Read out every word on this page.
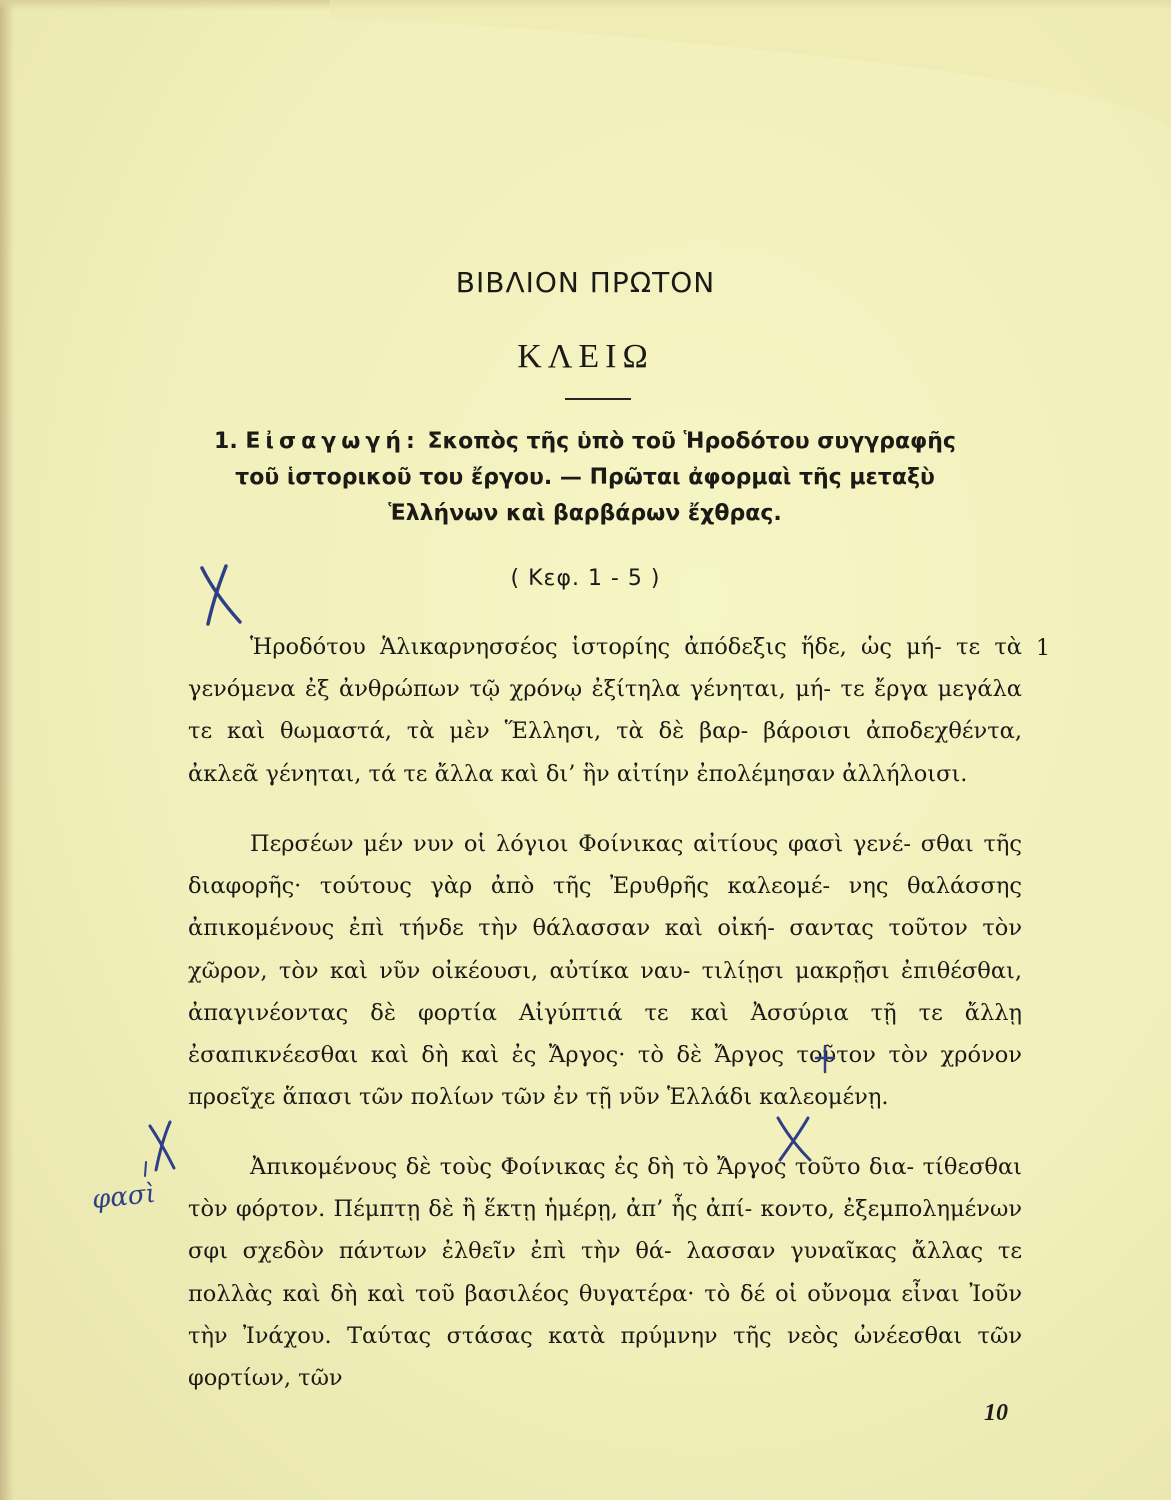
ΒΙΒΛΙΟΝ ΠΡΩΤΟΝ
ΚΛΕΙΩ
1. Εἰσαγωγή: Σκοπὸς τῆς ὑπὸ τοῦ Ἡροδότου συγγραφῆς
τοῦ ἱστορικοῦ του ἔργου. — Πρῶται ἀφορμαὶ τῆς μεταξὺ
Ἑλλήνων καὶ βαρβάρων ἔχθρας.
( Κεφ. 1 - 5 )
1

Ἡροδότου Ἁλικαρνησσέος ἱστορίης ἀπόδεξις ἥδε, ὡς μή- τε τὰ γενόμενα ἐξ ἀνθρώπων τῷ χρόνῳ ἐξίτηλα γένηται, μή- τε ἔργα μεγάλα τε καὶ θωμαστά, τὰ μὲν Ἕλλησι, τὰ δὲ βαρ- βάροισι ἀποδεχθέντα, ἀκλεᾶ γένηται, τά τε ἄλλα καὶ δι’ ἣν αἰτίην ἐπολέμησαν ἀλλήλοισι.

Περσέων μέν νυν οἱ λόγιοι Φοίνικας αἰτίους φασὶ γενέ- σθαι τῆς διαφορῆς· τούτους γὰρ ἀπὸ τῆς Ἐρυθρῆς καλεομέ- νης θαλάσσης ἀπικομένους ἐπὶ τήνδε τὴν θάλασσαν καὶ οἰκή- σαντας τοῦτον τὸν χῶρον, τὸν καὶ νῦν οἰκέουσι, αὐτίκα ναυ- τιλίῃσι μακρῇσι ἐπιθέσθαι, ἀπαγινέοντας δὲ φορτία Αἰγύπτιά τε καὶ Ἀσσύρια τῇ τε ἄλλῃ ἐσαπικνέεσθαι καὶ δὴ καὶ ἐς Ἄργος· τὸ δὲ Ἄργος τοῦτον τὸν χρόνον προεῖχε ἅπασι τῶν πολίων τῶν ἐν τῇ νῦν Ἑλλάδι καλεομένῃ.

Ἀπικομένους δὲ τοὺς Φοίνικας ἐς δὴ τὸ Ἄργος τοῦτο δια- τίθεσθαι τὸν φόρτον. Πέμπτῃ δὲ ἢ ἕκτῃ ἡμέρῃ, ἀπ’ ἧς ἀπί- κοντο, ἐξεμπολημένων σφι σχεδὸν πάντων ἐλθεῖν ἐπὶ τὴν θά- λασσαν γυναῖκας ἄλλας τε πολλὰς καὶ δὴ καὶ τοῦ βασιλέος θυγατέρα· τὸ δέ οἱ οὔνομα εἶναι Ἰοῦν τὴν Ἰνάχου. Ταύτας στάσας κατὰ πρύμνην τῆς νεὸς ὠνέεσθαι τῶν φορτίων, τῶν

10
φασὶ
